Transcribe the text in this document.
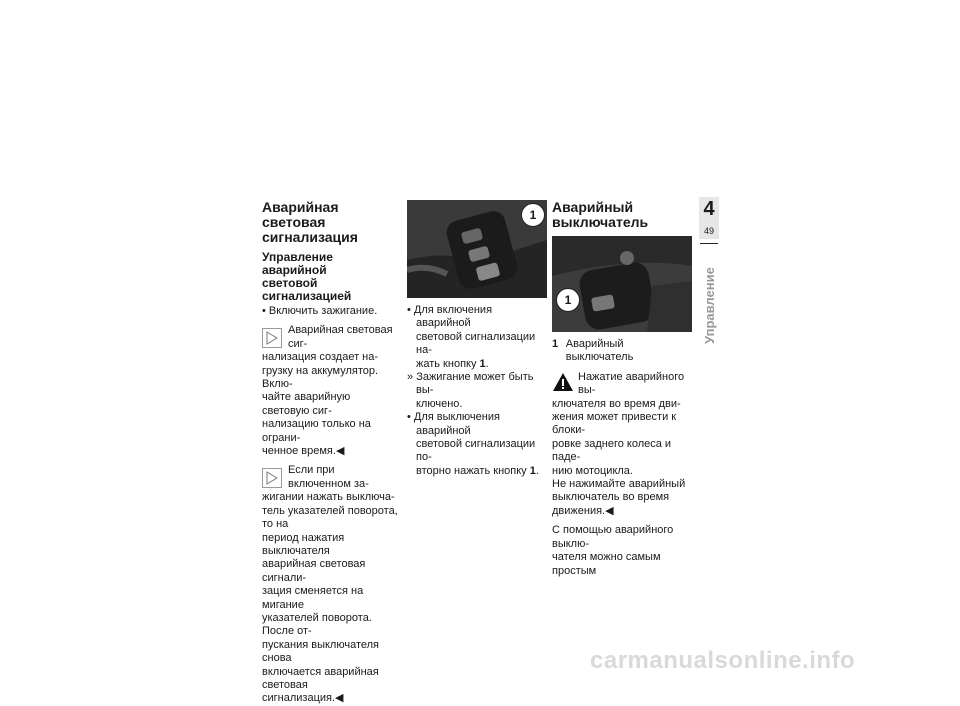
Аварийная световая
сигнализация
Управление аварийной
световой сигнализацией

• Включить зажигание.

Аварийная световая сиг-
нализация создает на-
грузку на аккумулятор. Вклю-
чайте аварийную световую сиг-
нализацию только на ограни-
ченное время.◀

Если при включенном за-
жигании нажать выключа-
тель указателей поворота, то на
период нажатия выключателя
аварийная световая сигнали-
зация сменяется на мигание
указателей поворота. После от-
пускания выключателя снова
включается аварийная световая
сигнализация.◀

1

• Для включения аварийной
световой сигнализации на-
жать кнопку 1.

» Зажигание может быть вы-
ключено.

• Для выключения аварийной
световой сигнализации по-
вторно нажать кнопку 1.

Аварийный
выключатель
1
1 Аварийный выключатель

Нажатие аварийного вы-
ключателя во время дви-
жения может привести к блоки-
ровке заднего колеса и паде-
нию мотоцикла.
Не нажимайте аварийный
выключатель во время
движения.◀

С помощью аварийного выклю-
чателя можно самым простым

4
49
Управление
carmanualsonline.info
